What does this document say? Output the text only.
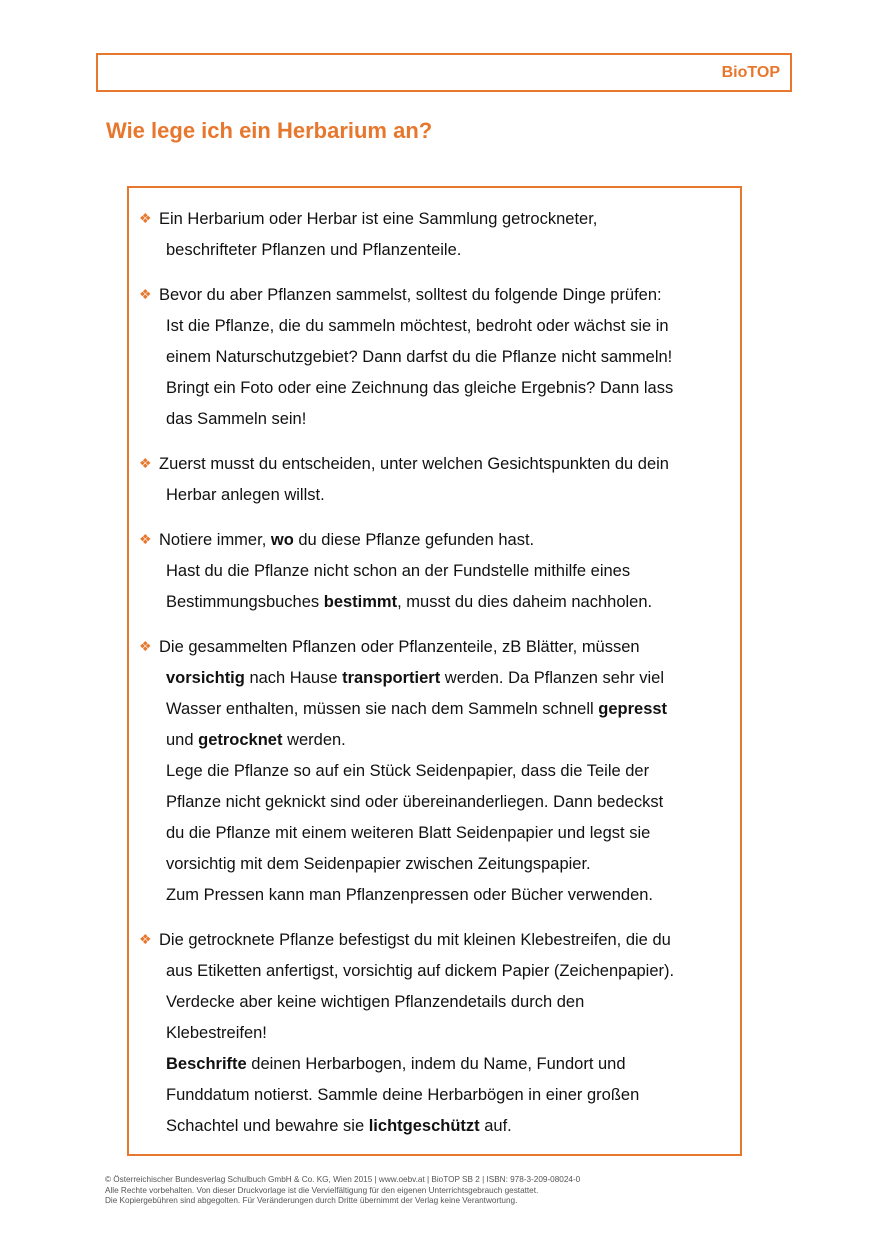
BioTOP
Wie lege ich ein Herbarium an?
❖ Ein Herbarium oder Herbar ist eine Sammlung getrockneter,
beschrifteter Pflanzen und Pflanzenteile.
❖ Bevor du aber Pflanzen sammelst, solltest du folgende Dinge prüfen:
Ist die Pflanze, die du sammeln möchtest, bedroht oder wächst sie in
einem Naturschutzgebiet? Dann darfst du die Pflanze nicht sammeln!
Bringt ein Foto oder eine Zeichnung das gleiche Ergebnis? Dann lass
das Sammeln sein!
❖ Zuerst musst du entscheiden, unter welchen Gesichtspunkten du dein
Herbar anlegen willst.
❖ Notiere immer, wo du diese Pflanze gefunden hast.
Hast du die Pflanze nicht schon an der Fundstelle mithilfe eines
Bestimmungsbuches bestimmt, musst du dies daheim nachholen.
❖ Die gesammelten Pflanzen oder Pflanzenteile, zB Blätter, müssen
vorsichtig nach Hause transportiert werden. Da Pflanzen sehr viel
Wasser enthalten, müssen sie nach dem Sammeln schnell gepresst
und getrocknet werden.
Lege die Pflanze so auf ein Stück Seidenpapier, dass die Teile der
Pflanze nicht geknickt sind oder übereinanderliegen. Dann bedeckst
du die Pflanze mit einem weiteren Blatt Seidenpapier und legst sie
vorsichtig mit dem Seidenpapier zwischen Zeitungspapier.
Zum Pressen kann man Pflanzenpressen oder Bücher verwenden.
❖ Die getrocknete Pflanze befestigst du mit kleinen Klebestreifen, die du
aus Etiketten anfertigst, vorsichtig auf dickem Papier (Zeichenpapier).
Verdecke aber keine wichtigen Pflanzendetails durch den
Klebestreifen!
Beschrifte deinen Herbarbogen, indem du Name, Fundort und
Funddatum notierst. Sammle deine Herbarbögen in einer großen
Schachtel und bewahre sie lichtgeschützt auf.
© Österreichischer Bundesverlag Schulbuch GmbH & Co. KG, Wien 2015 | www.oebv.at | BioTOP SB 2 | ISBN: 978-3-209-08024-0
Alle Rechte vorbehalten. Von dieser Druckvorlage ist die Vervielfältigung für den eigenen Unterrichtsgebrauch gestattet.
Die Kopiergebühren sind abgegolten. Für Veränderungen durch Dritte übernimmt der Verlag keine Verantwortung.
